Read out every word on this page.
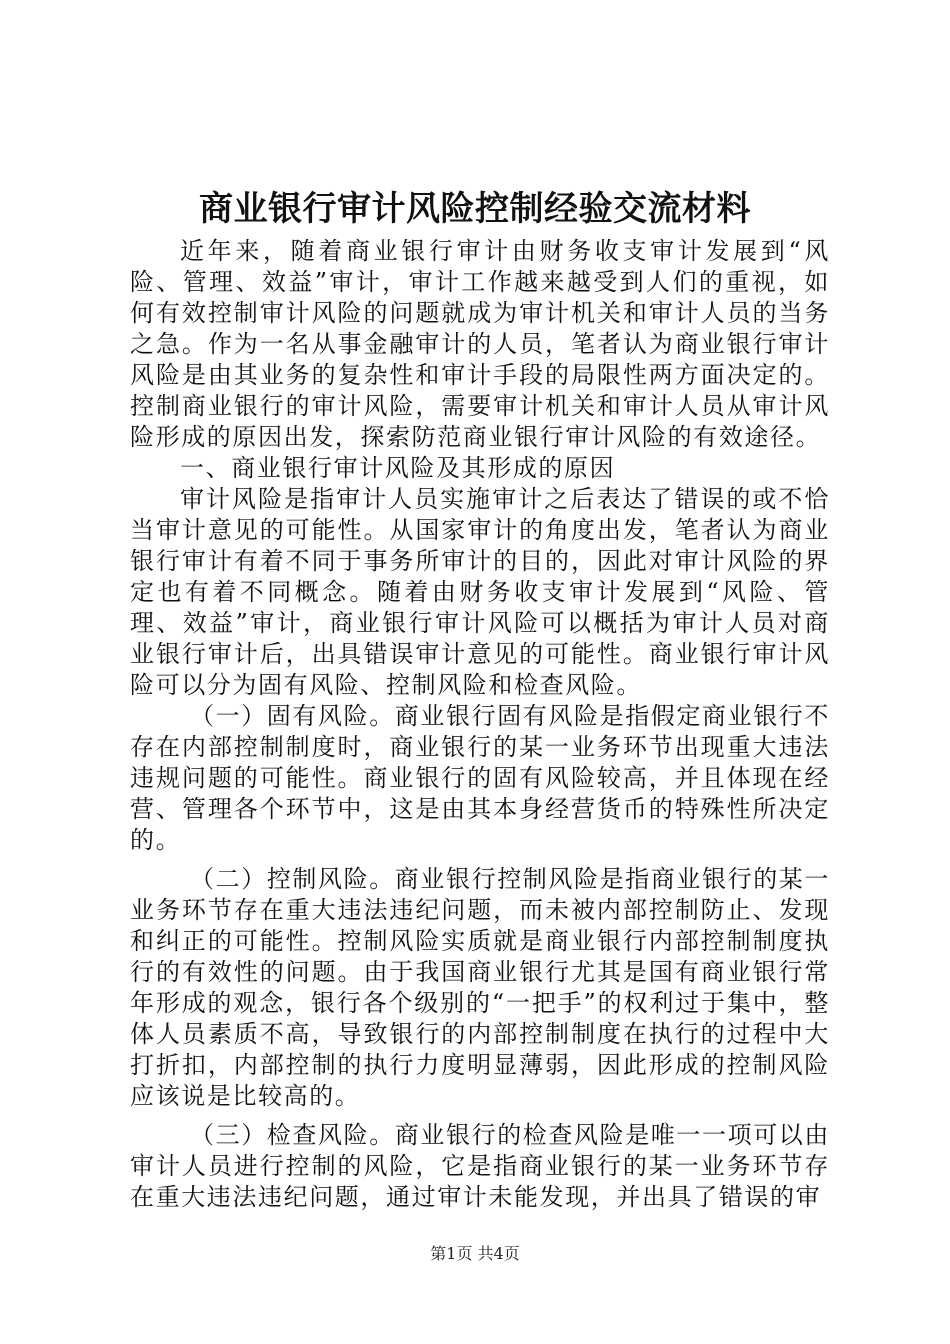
商业银行审计风险控制经验交流材料

近年来，随着商业银行审计由财务收支审计发展到“风险、管理、效益”审计，审计工作越来越受到人们的重视，如何有效控制审计风险的问题就成为审计机关和审计人员的当务之急。作为一名从事金融审计的人员，笔者认为商业银行审计风险是由其业务的复杂性和审计手段的局限性两方面决定的。控制商业银行的审计风险，需要审计机关和审计人员从审计风险形成的原因出发，探索防范商业银行审计风险的有效途径。

一、商业银行审计风险及其形成的原因

审计风险是指审计人员实施审计之后表达了错误的或不恰当审计意见的可能性。从国家审计的角度出发，笔者认为商业银行审计有着不同于事务所审计的目的，因此对审计风险的界定也有着不同概念。随着由财务收支审计发展到“风险、管理、效益”审计，商业银行审计风险可以概括为审计人员对商业银行审计后，出具错误审计意见的可能性。商业银行审计风险可以分为固有风险、控制风险和检查风险。

（一）固有风险。商业银行固有风险是指假定商业银行不存在内部控制制度时，商业银行的某一业务环节出现重大违法违规问题的可能性。商业银行的固有风险较高，并且体现在经营、管理各个环节中，这是由其本身经营货币的特殊性所决定的。

（二）控制风险。商业银行控制风险是指商业银行的某一业务环节存在重大违法违纪问题，而未被内部控制防止、发现和纠正的可能性。控制风险实质就是商业银行内部控制制度执行的有效性的问题。由于我国商业银行尤其是国有商业银行常年形成的观念，银行各个级别的“一把手”的权利过于集中，整体人员素质不高，导致银行的内部控制制度在执行的过程中大打折扣，内部控制的执行力度明显薄弱，因此形成的控制风险应该说是比较高的。

（三）检查风险。商业银行的检查风险是唯一一项可以由审计人员进行控制的风险，它是指商业银行的某一业务环节存在重大违法违纪问题，通过审计未能发现，并出具了错误的审

第1页 共4页
